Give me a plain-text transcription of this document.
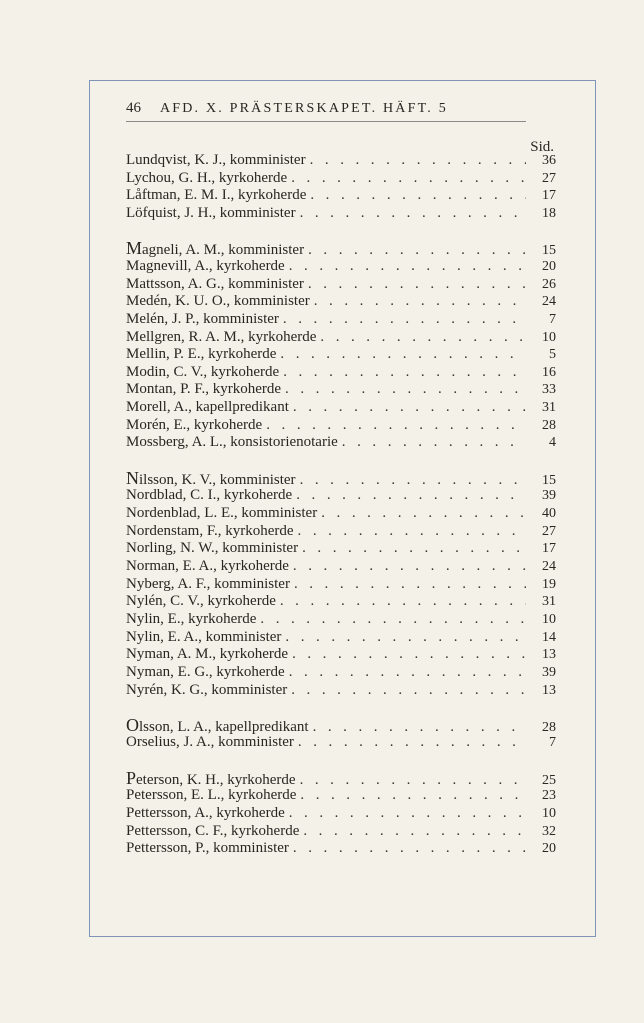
46 AFD. X. PRÄSTERSKAPET. HÄFT. 5
Sid.
Lundqvist, K. J., komminister . . .	36
Lychou, G. H., kyrkoherde . . .	27
Låftman, E. M. I., kyrkoherde . . .	17
Löfquist, J. H., komminister . . .	18
Magneli, A. M., komminister . . .	15
Magnevill, A., kyrkoherde . . .	20
Mattsson, A. G., komminister . . .	26
Medén, K. U. O., komminister . . .	24
Melén, J. P., komminister . . .	7
Mellgren, R. A. M., kyrkoherde . . .	10
Mellin, P. E., kyrkoherde . . .	5
Modin, C. V., kyrkoherde . . .	16
Montan, P. F., kyrkoherde . . .	33
Morell, A., kapellpredikant . . .	31
Morén, E., kyrkoherde . . .	28
Mossberg, A. L., konsistorienotarie . . .	4
Nilsson, K. V., komminister . . .	15
Nordblad, C. I., kyrkoherde . . .	39
Nordenblad, L. E., komminister . . .	40
Nordenstam, F., kyrkoherde . . .	27
Norling, N. W., komminister . . .	17
Norman, E. A., kyrkoherde . . .	24
Nyberg, A. F., komminister . . .	19
Nylén, C. V., kyrkoherde . . .	31
Nylin, E., kyrkoherde . . .	10
Nylin, E. A., komminister . . .	14
Nyman, A. M., kyrkoherde . . .	13
Nyman, E. G., kyrkoherde . . .	39
Nyrén, K. G., komminister . . .	13
Olsson, L. A., kapellpredikant . . .	28
Orselius, J. A., komminister . . .	7
Peterson, K. H., kyrkoherde . . .	25
Petersson, E. L., kyrkoherde . . .	23
Pettersson, A., kyrkoherde . . .	10
Pettersson, C. F., kyrkoherde . . .	32
Pettersson, P., komminister . . .	20
